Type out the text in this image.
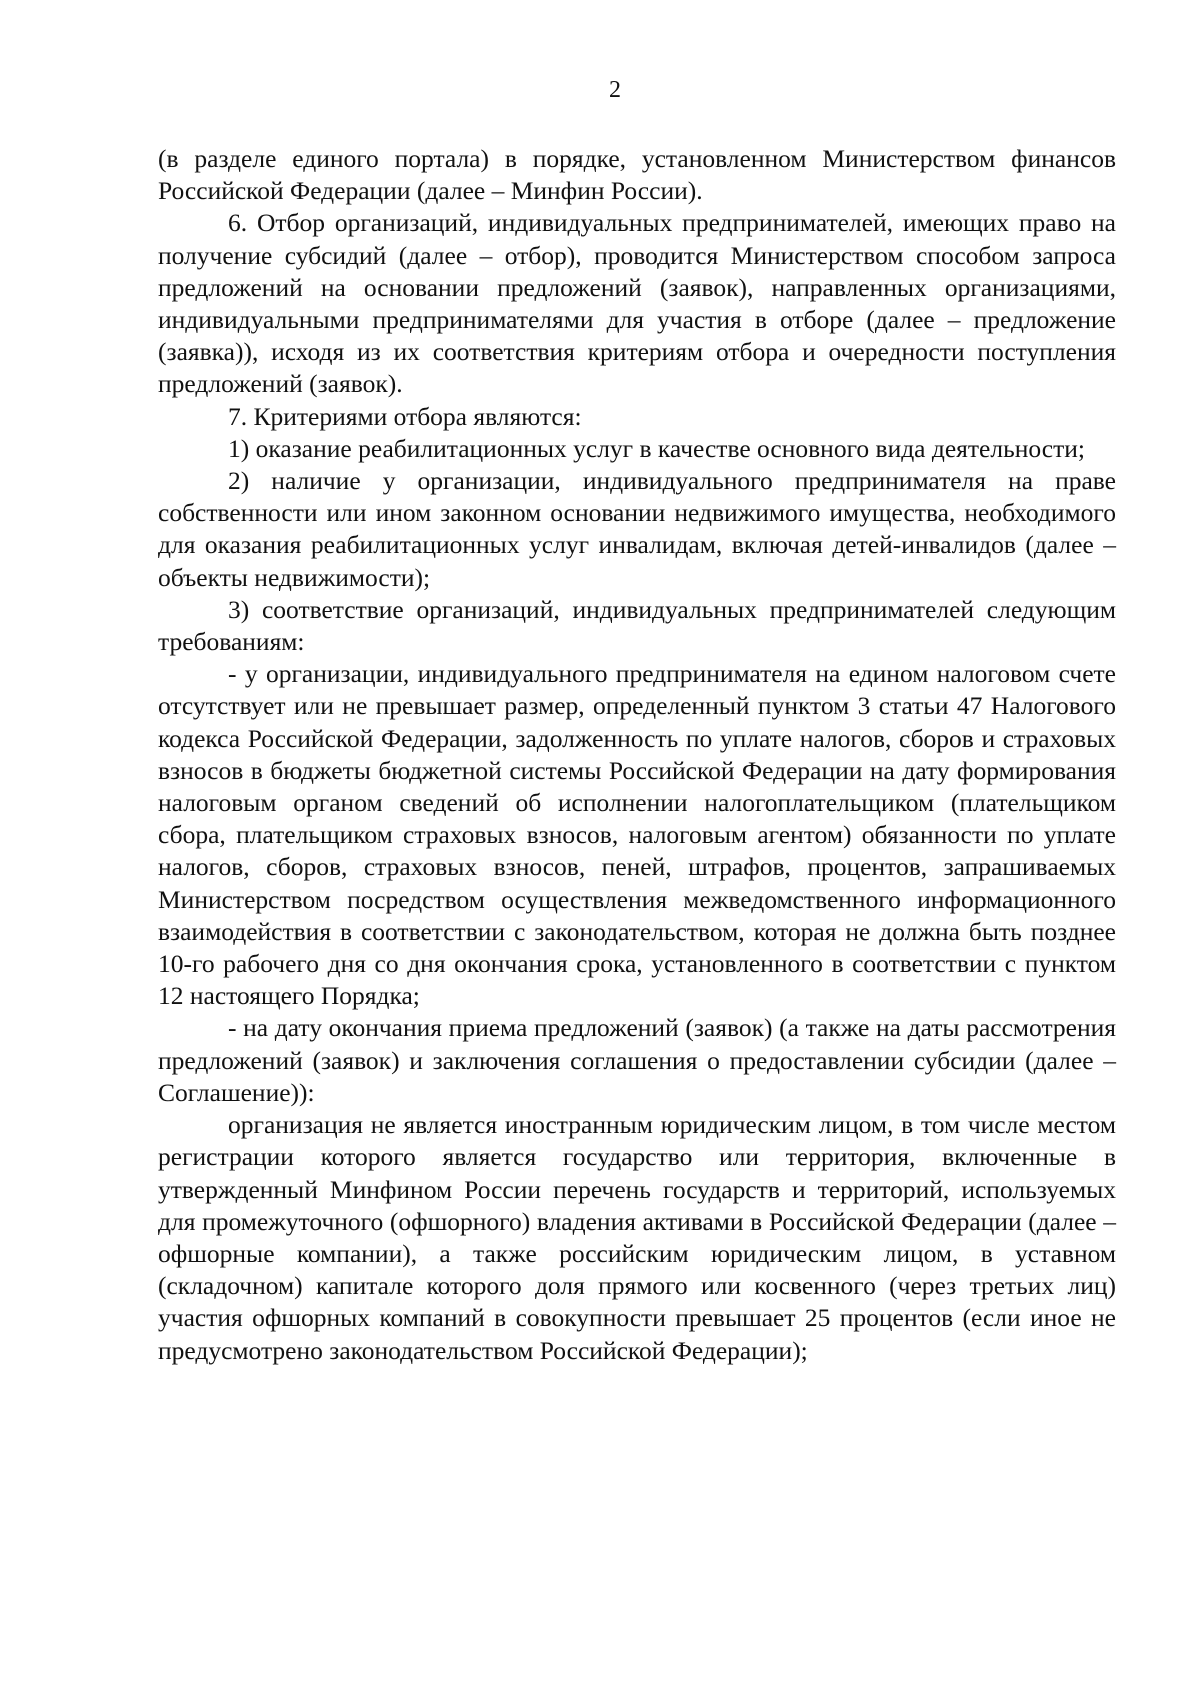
2

(в разделе единого портала) в порядке, установленном Министерством финансов Российской Федерации (далее – Минфин России).

6. Отбор организаций, индивидуальных предпринимателей, имеющих право на получение субсидий (далее – отбор), проводится Министерством способом запроса предложений на основании предложений (заявок), направленных организациями, индивидуальными предпринимателями для участия в отборе (далее – предложение (заявка)), исходя из их соответствия критериям отбора и очередности поступления предложений (заявок).

7. Критериями отбора являются:

1) оказание реабилитационных услуг в качестве основного вида деятельности;

2) наличие у организации, индивидуального предпринимателя на праве собственности или ином законном основании недвижимого имущества, необходимого для оказания реабилитационных услуг инвалидам, включая детей-инвалидов (далее – объекты недвижимости);

3) соответствие организаций, индивидуальных предпринимателей следующим требованиям:

- у организации, индивидуального предпринимателя на едином налоговом счете отсутствует или не превышает размер, определенный пунктом 3 статьи 47 Налогового кодекса Российской Федерации, задолженность по уплате налогов, сборов и страховых взносов в бюджеты бюджетной системы Российской Федерации на дату формирования налоговым органом сведений об исполнении налогоплательщиком (плательщиком сбора, плательщиком страховых взносов, налоговым агентом) обязанности по уплате налогов, сборов, страховых взносов, пеней, штрафов, процентов, запрашиваемых Министерством посредством осуществления межведомственного информационного взаимодействия в соответствии с законодательством, которая не должна быть позднее 10-го рабочего дня со дня окончания срока, установленного в соответствии с пунктом 12 настоящего Порядка;

- на дату окончания приема предложений (заявок) (а также на даты рассмотрения предложений (заявок) и заключения соглашения о предоставлении субсидии (далее – Соглашение)):

организация не является иностранным юридическим лицом, в том числе местом регистрации которого является государство или территория, включенные в утвержденный Минфином России перечень государств и территорий, используемых для промежуточного (офшорного) владения активами в Российской Федерации (далее – офшорные компании), а также российским юридическим лицом, в уставном (складочном) капитале которого доля прямого или косвенного (через третьих лиц) участия офшорных компаний в совокупности превышает 25 процентов (если иное не предусмотрено законодательством Российской Федерации);
